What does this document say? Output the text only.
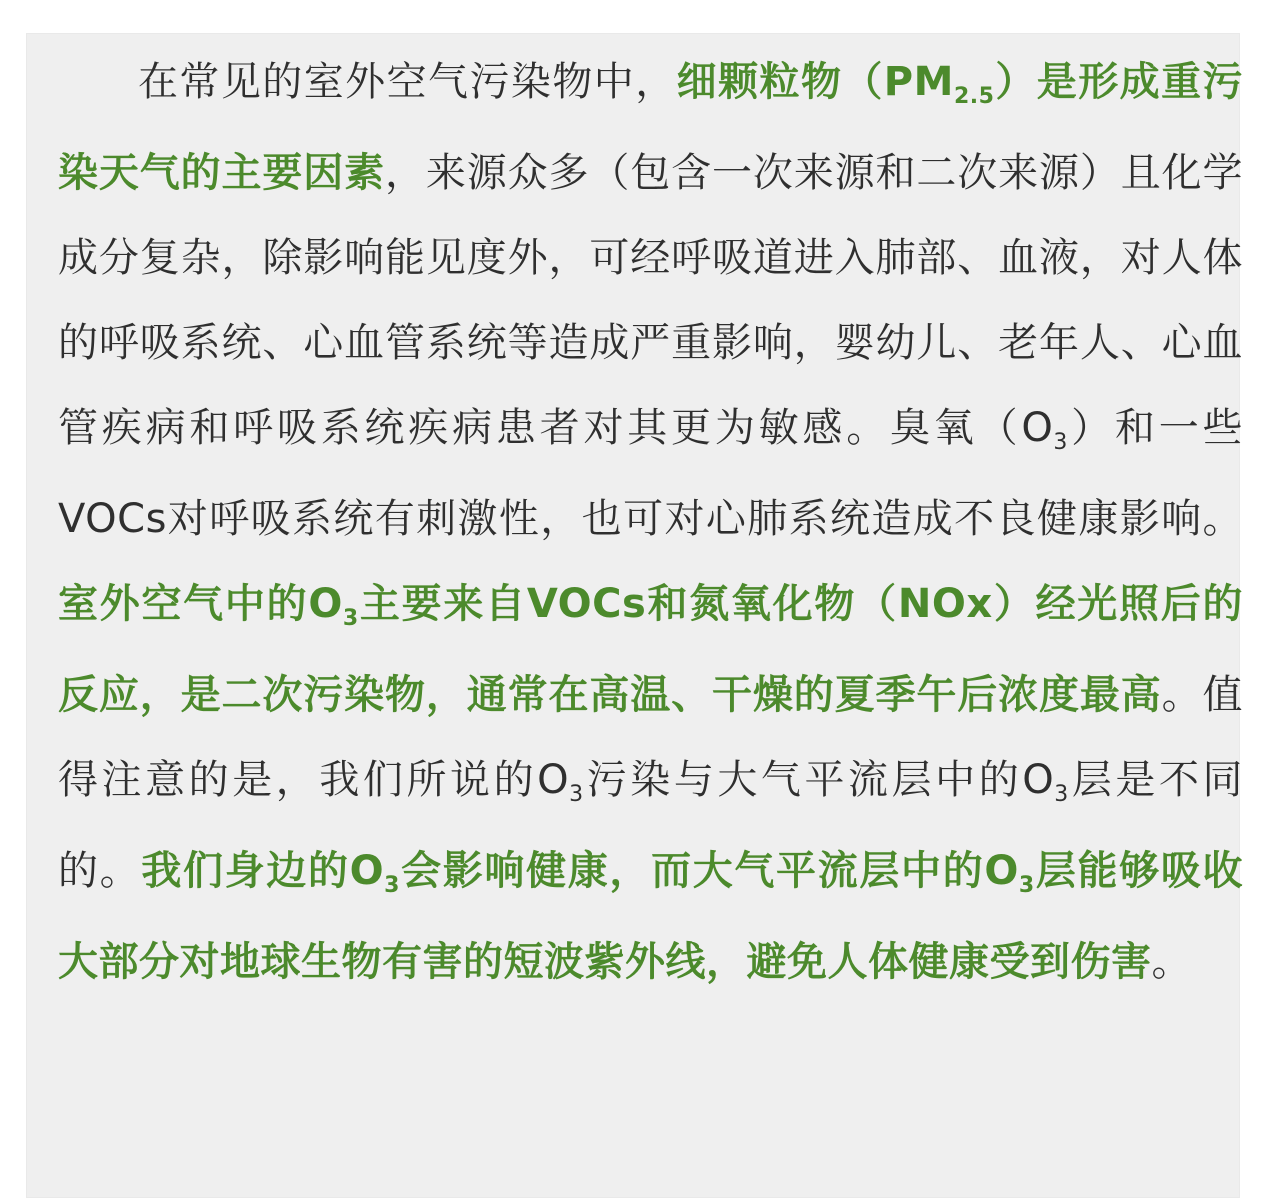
在常见的室外空气污染物中，细颗粒物（PM2.5）是形成重污染天气的主要因素，来源众多（包含一次来源和二次来源）且化学成分复杂，除影响能见度外，可经呼吸道进入肺部、血液，对人体的呼吸系统、心血管系统等造成严重影响，婴幼儿、老年人、心血管疾病和呼吸系统疾病患者对其更为敏感。臭氧（O3）和一些VOCs对呼吸系统有刺激性，也可对心肺系统造成不良健康影响。室外空气中的O3主要来自VOCs和氮氧化物（NOx）经光照后的反应，是二次污染物，通常在高温、干燥的夏季午后浓度最高。值得注意的是，我们所说的O3污染与大气平流层中的O3层是不同的。我们身边的O3会影响健康，而大气平流层中的O3层能够吸收大部分对地球生物有害的短波紫外线，避免人体健康受到伤害。
